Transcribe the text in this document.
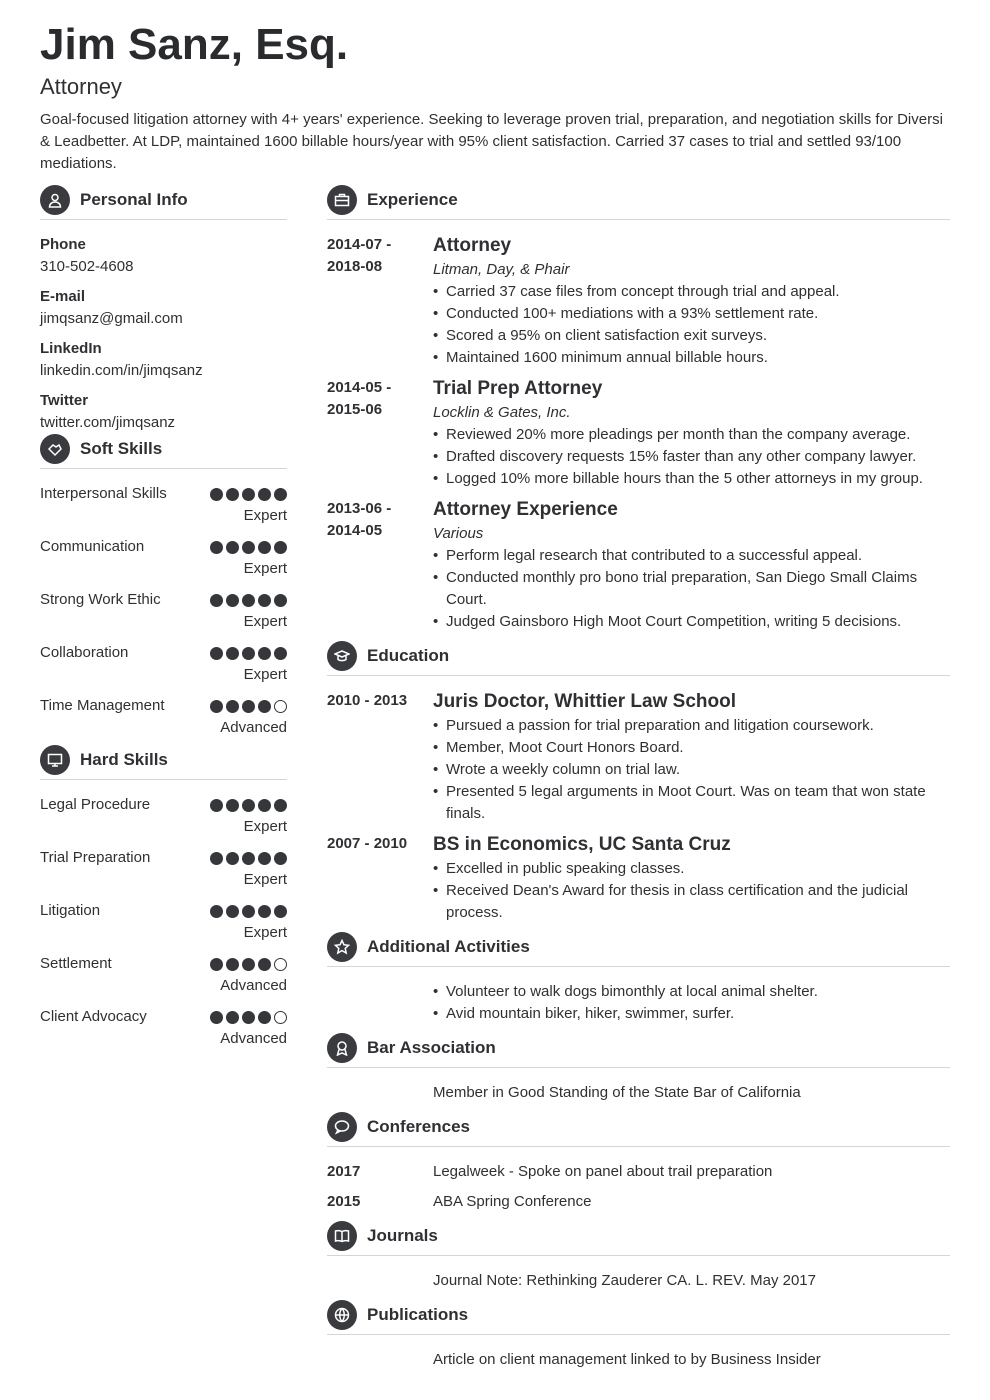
Jim Sanz, Esq.
Attorney
Goal-focused litigation attorney with 4+ years' experience. Seeking to leverage proven trial, preparation, and negotiation skills for Diversi & Leadbetter. At LDP, maintained 1600 billable hours/year with 95% client satisfaction. Carried 37 cases to trial and settled 93/100 mediations.
Personal Info
Phone
310-502-4608
E-mail
jimqsanz@gmail.com
LinkedIn
linkedin.com/in/jimqsanz
Twitter
twitter.com/jimqsanz
Soft Skills
Interpersonal Skills
Expert
Communication
Expert
Strong Work Ethic
Expert
Collaboration
Expert
Time Management
Advanced
Hard Skills
Legal Procedure
Expert
Trial Preparation
Expert
Litigation
Expert
Settlement
Advanced
Client Advocacy
Advanced
Experience
2014-07 - 2018-08
Attorney
Litman, Day, & Phair
• Carried 37 case files from concept through trial and appeal.
• Conducted 100+ mediations with a 93% settlement rate.
• Scored a 95% on client satisfaction exit surveys.
• Maintained 1600 minimum annual billable hours.
2014-05 - 2015-06
Trial Prep Attorney
Locklin & Gates, Inc.
• Reviewed 20% more pleadings per month than the company average.
• Drafted discovery requests 15% faster than any other company lawyer.
• Logged 10% more billable hours than the 5 other attorneys in my group.
2013-06 - 2014-05
Attorney Experience
Various
• Perform legal research that contributed to a successful appeal.
• Conducted monthly pro bono trial preparation, San Diego Small Claims Court.
• Judged Gainsboro High Moot Court Competition, writing 5 decisions.
Education
2010 - 2013	Juris Doctor, Whittier Law School
• Pursued a passion for trial preparation and litigation coursework.
• Member, Moot Court Honors Board.
• Wrote a weekly column on trial law.
• Presented 5 legal arguments in Moot Court. Was on team that won state finals.
2007 - 2010	BS in Economics, UC Santa Cruz
• Excelled in public speaking classes.
• Received Dean's Award for thesis in class certification and the judicial process.
Additional Activities
• Volunteer to walk dogs bimonthly at local animal shelter.
• Avid mountain biker, hiker, swimmer, surfer.
Bar Association
Member in Good Standing of the State Bar of California
Conferences
2017	Legalweek - Spoke on panel about trail preparation
2015	ABA Spring Conference
Journals
Journal Note: Rethinking Zauderer CA. L. REV. May 2017
Publications
Article on client management linked to by Business Insider
